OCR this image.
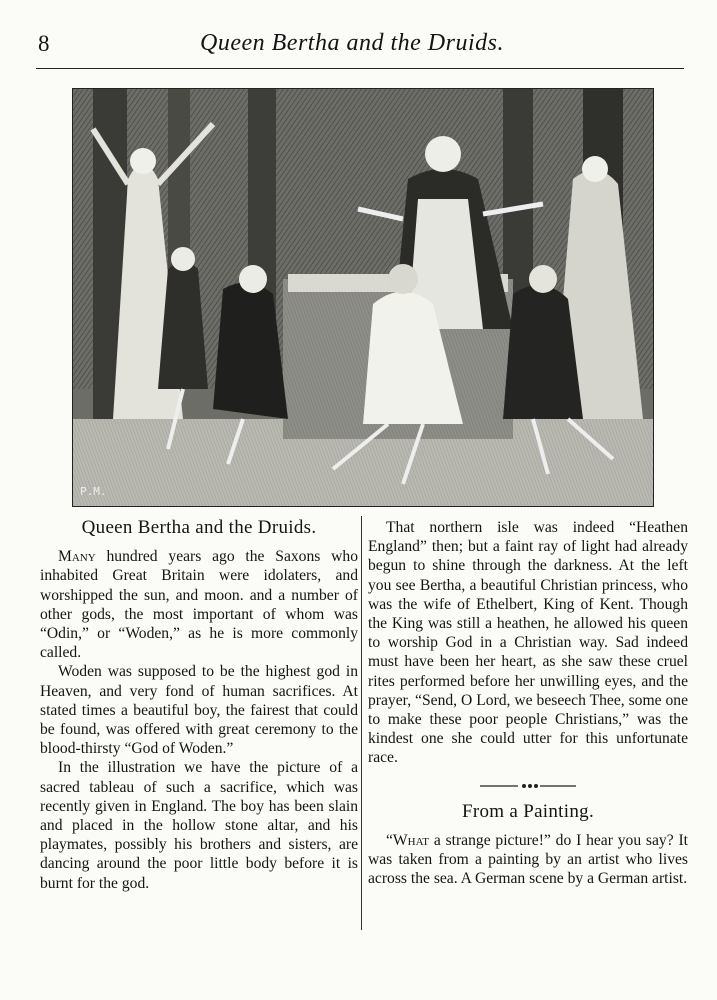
8	Queen Bertha and the Druids.
P.M.
Queen Bertha and the Druids.

Many hundred years ago the Saxons who inhabited Great Britain were idolaters, and worshipped the sun, and moon. and a number of other gods, the most important of whom was “Odin,” or “Woden,” as he is more commonly called.

Woden was supposed to be the highest god in Heaven, and very fond of human sacrifices. At stated times a beautiful boy, the fairest that could be found, was offered with great ceremony to the blood-thirsty “God of Woden.”

In the illustration we have the picture of a sacred tableau of such a sacrifice, which was recently given in England. The boy has been slain and placed in the hollow stone altar, and his playmates, possibly his brothers and sisters, are dancing around the poor little body before it is burnt for the god.

That northern isle was indeed “Heathen England” then; but a faint ray of light had already begun to shine through the darkness. At the left you see Bertha, a beautiful Christian princess, who was the wife of Ethelbert, King of Kent. Though the King was still a heathen, he allowed his queen to worship God in a Christian way. Sad indeed must have been her heart, as she saw these cruel rites performed before her unwilling eyes, and the prayer, “Send, O Lord, we beseech Thee, some one to make these poor people Christians,” was the kindest one she could utter for this unfortunate race.

From a Painting.

“What a strange picture!” do I hear you say? It was taken from a painting by an artist who lives across the sea. A German scene by a German artist.
